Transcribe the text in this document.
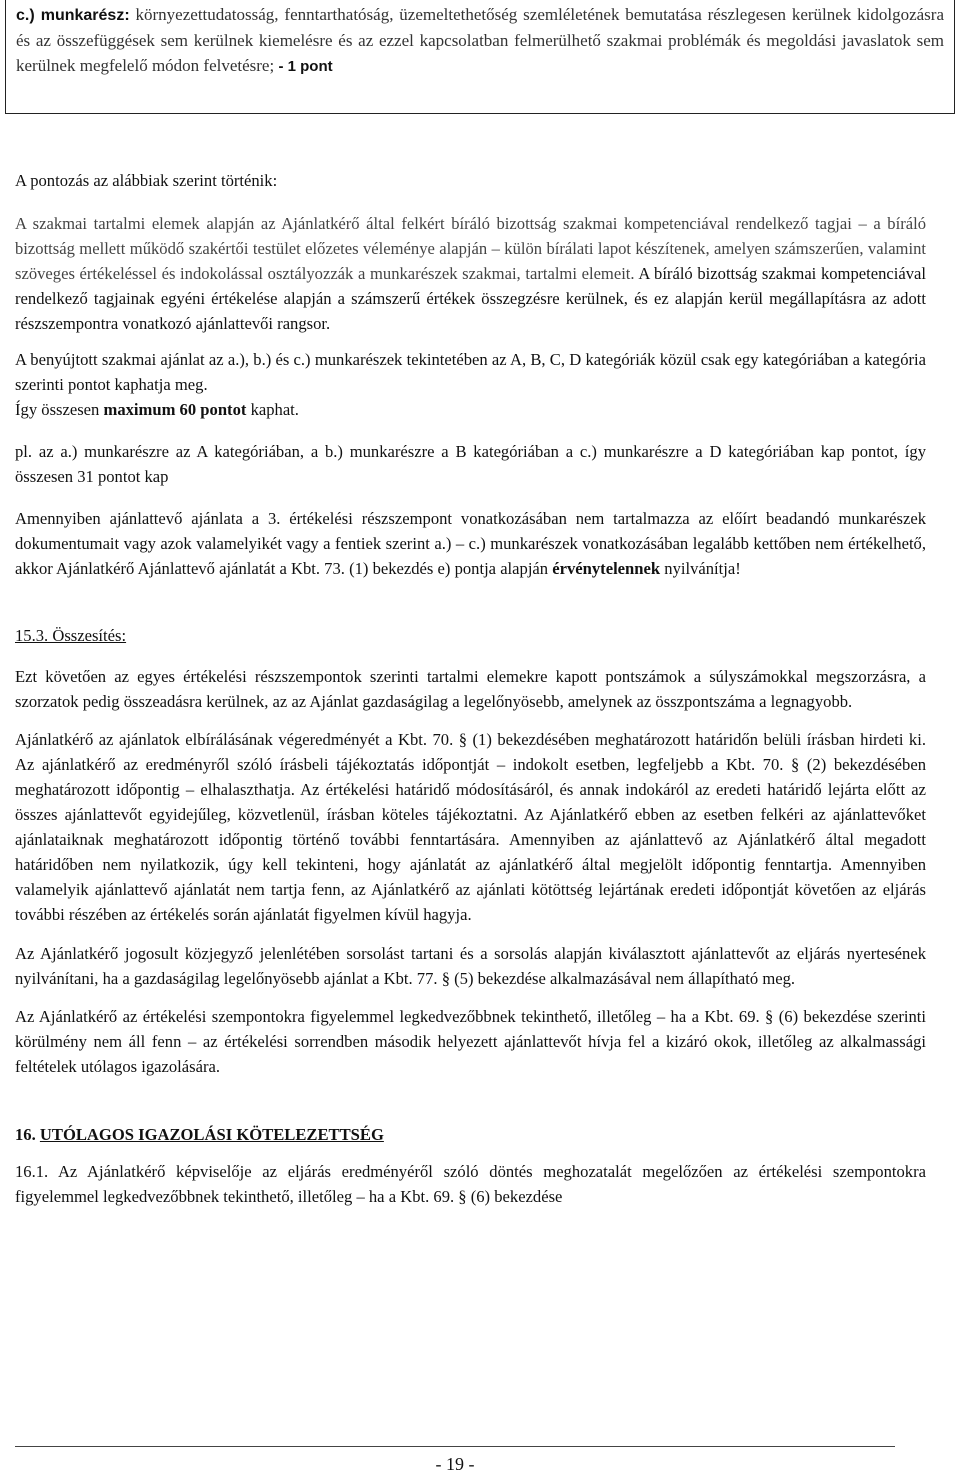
c.) munkarész: környezettudatosság, fenntarthatóság, üzemeltethetőség szemléletének bemutatása részlegesen kerülnek kidolgozásra és az összefüggések sem kerülnek kiemelésre és az ezzel kapcsolatban felmerülhető szakmai problémák és megoldási javaslatok sem kerülnek megfelelő módon felvetésre; - 1 pont

A pontozás az alábbiak szerint történik:

A szakmai tartalmi elemek alapján az Ajánlatkérő által felkért bíráló bizottság szakmai kompetenciával rendelkező tagjai – a bíráló bizottság mellett működő szakértői testület előzetes véleménye alapján – külön bírálati lapot készítenek, amelyen számszerűen, valamint szöveges értékeléssel és indokolással osztályozzák a munkarészek szakmai, tartalmi elemeit. A bíráló bizottság szakmai kompetenciával rendelkező tagjainak egyéni értékelése alapján a számszerű értékek összegzésre kerülnek, és ez alapján kerül megállapításra az adott részszempontra vonatkozó ajánlattevői rangsor.

A benyújtott szakmai ajánlat az a.), b.) és c.) munkarészek tekintetében az A, B, C, D kategóriák közül csak egy kategóriában a kategória szerinti pontot kaphatja meg.

Így összesen maximum 60 pontot kaphat.

pl. az a.) munkarészre az A kategóriában, a b.) munkarészre a B kategóriában a c.) munkarészre a D kategóriában kap pontot, így összesen 31 pontot kap

Amennyiben ajánlattevő ajánlata a 3. értékelési részszempont vonatkozásában nem tartalmazza az előírt beadandó munkarészek dokumentumait vagy azok valamelyikét vagy a fentiek szerint a.) – c.) munkarészek vonatkozásában legalább kettőben nem értékelhető, akkor Ajánlatkérő Ajánlattevő ajánlatát a Kbt. 73. (1) bekezdés e) pontja alapján érvénytelennek nyilvánítja!

15.3. Összesítés:

Ezt követően az egyes értékelési részszempontok szerinti tartalmi elemekre kapott pontszámok a súlyszámokkal megszorzásra, a szorzatok pedig összeadásra kerülnek, az az Ajánlat gazdaságilag a legelőnyösebb, amelynek az összpontszáma a legnagyobb.

Ajánlatkérő az ajánlatok elbírálásának végeredményét a Kbt. 70. § (1) bekezdésében meghatározott határidőn belüli írásban hirdeti ki. Az ajánlatkérő az eredményről szóló írásbeli tájékoztatás időpontját – indokolt esetben, legfeljebb a Kbt. 70. § (2) bekezdésében meghatározott időpontig – elhalaszthatja. Az értékelési határidő módosításáról, és annak indokáról az eredeti határidő lejárta előtt az összes ajánlattevőt egyidejűleg, közvetlenül, írásban köteles tájékoztatni. Az Ajánlatkérő ebben az esetben felkéri az ajánlattevőket ajánlataiknak meghatározott időpontig történő további fenntartására. Amennyiben az ajánlattevő az Ajánlatkérő által megadott határidőben nem nyilatkozik, úgy kell tekinteni, hogy ajánlatát az ajánlatkérő által megjelölt időpontig fenntartja. Amennyiben valamelyik ajánlattevő ajánlatát nem tartja fenn, az Ajánlatkérő az ajánlati kötöttség lejártának eredeti időpontját követően az eljárás további részében az értékelés során ajánlatát figyelmen kívül hagyja.

Az Ajánlatkérő jogosult közjegyző jelenlétében sorsolást tartani és a sorsolás alapján kiválasztott ajánlattevőt az eljárás nyertesének nyilvánítani, ha a gazdaságilag legelőnyösebb ajánlat a Kbt. 77. § (5) bekezdése alkalmazásával nem állapítható meg.

Az Ajánlatkérő az értékelési szempontokra figyelemmel legkedvezőbbnek tekinthető, illetőleg – ha a Kbt. 69. § (6) bekezdése szerinti körülmény nem áll fenn – az értékelési sorrendben második helyezett ajánlattevőt hívja fel a kizáró okok, illetőleg az alkalmassági feltételek utólagos igazolására.

16. UTÓLAGOS IGAZOLÁSI KÖTELEZETTSÉG

16.1. Az Ajánlatkérő képviselője az eljárás eredményéről szóló döntés meghozatalát megelőzően az értékelési szempontokra figyelemmel legkedvezőbbnek tekinthető, illetőleg – ha a Kbt. 69. § (6) bekezdése

- 19 -
